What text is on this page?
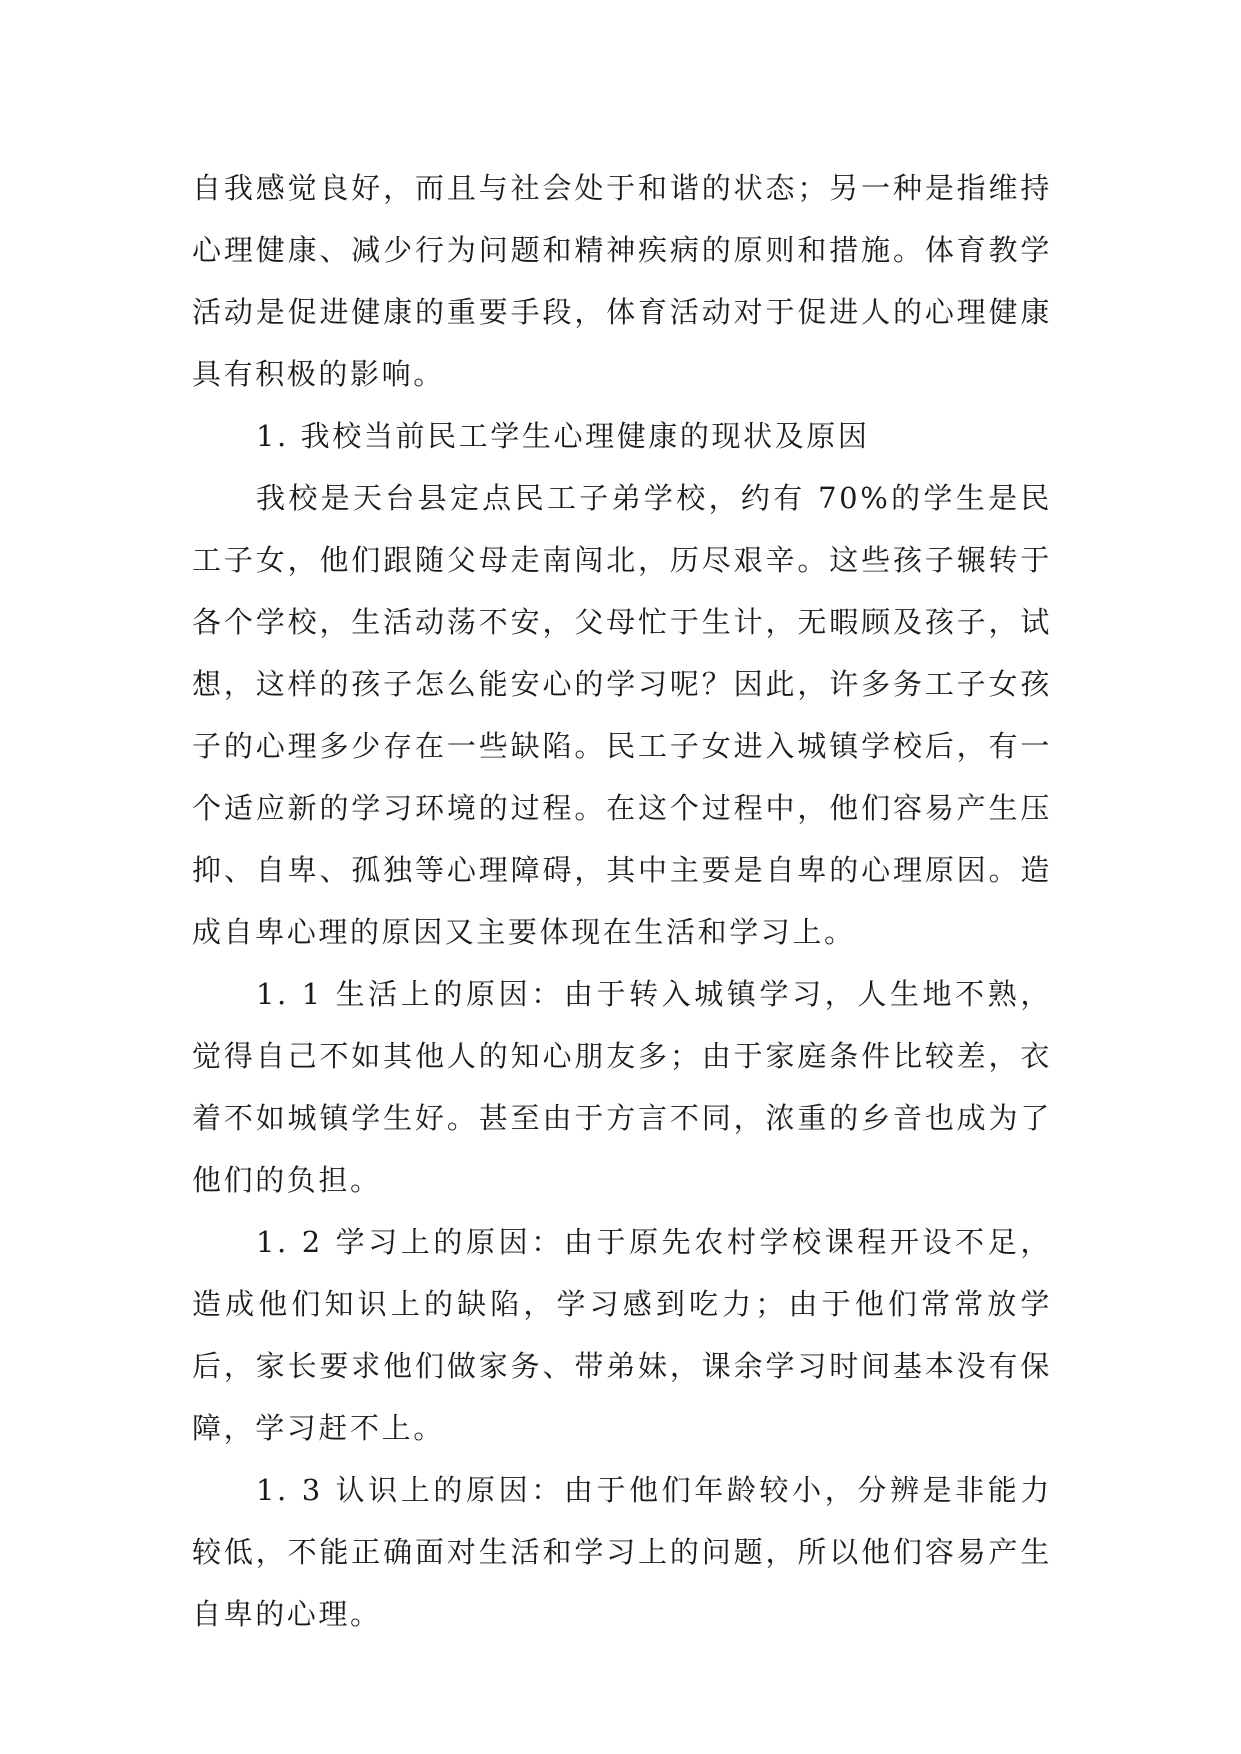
自我感觉良好，而且与社会处于和谐的状态；另一种是指维持心理健康、减少行为问题和精神疾病的原则和措施。体育教学活动是促进健康的重要手段，体育活动对于促进人的心理健康具有积极的影响。

1. 我校当前民工学生心理健康的现状及原因

我校是天台县定点民工子弟学校，约有 70%的学生是民工子女，他们跟随父母走南闯北，历尽艰辛。这些孩子辗转于各个学校，生活动荡不安，父母忙于生计，无暇顾及孩子，试想，这样的孩子怎么能安心的学习呢？因此，许多务工子女孩子的心理多少存在一些缺陷。民工子女进入城镇学校后，有一个适应新的学习环境的过程。在这个过程中，他们容易产生压抑、自卑、孤独等心理障碍，其中主要是自卑的心理原因。造成自卑心理的原因又主要体现在生活和学习上。

1. 1 生活上的原因：由于转入城镇学习，人生地不熟，觉得自己不如其他人的知心朋友多；由于家庭条件比较差，衣着不如城镇学生好。甚至由于方言不同，浓重的乡音也成为了他们的负担。

1. 2 学习上的原因：由于原先农村学校课程开设不足，造成他们知识上的缺陷，学习感到吃力；由于他们常常放学后，家长要求他们做家务、带弟妹，课余学习时间基本没有保障，学习赶不上。

1. 3 认识上的原因：由于他们年龄较小，分辨是非能力较低，不能正确面对生活和学习上的问题，所以他们容易产生自卑的心理。
